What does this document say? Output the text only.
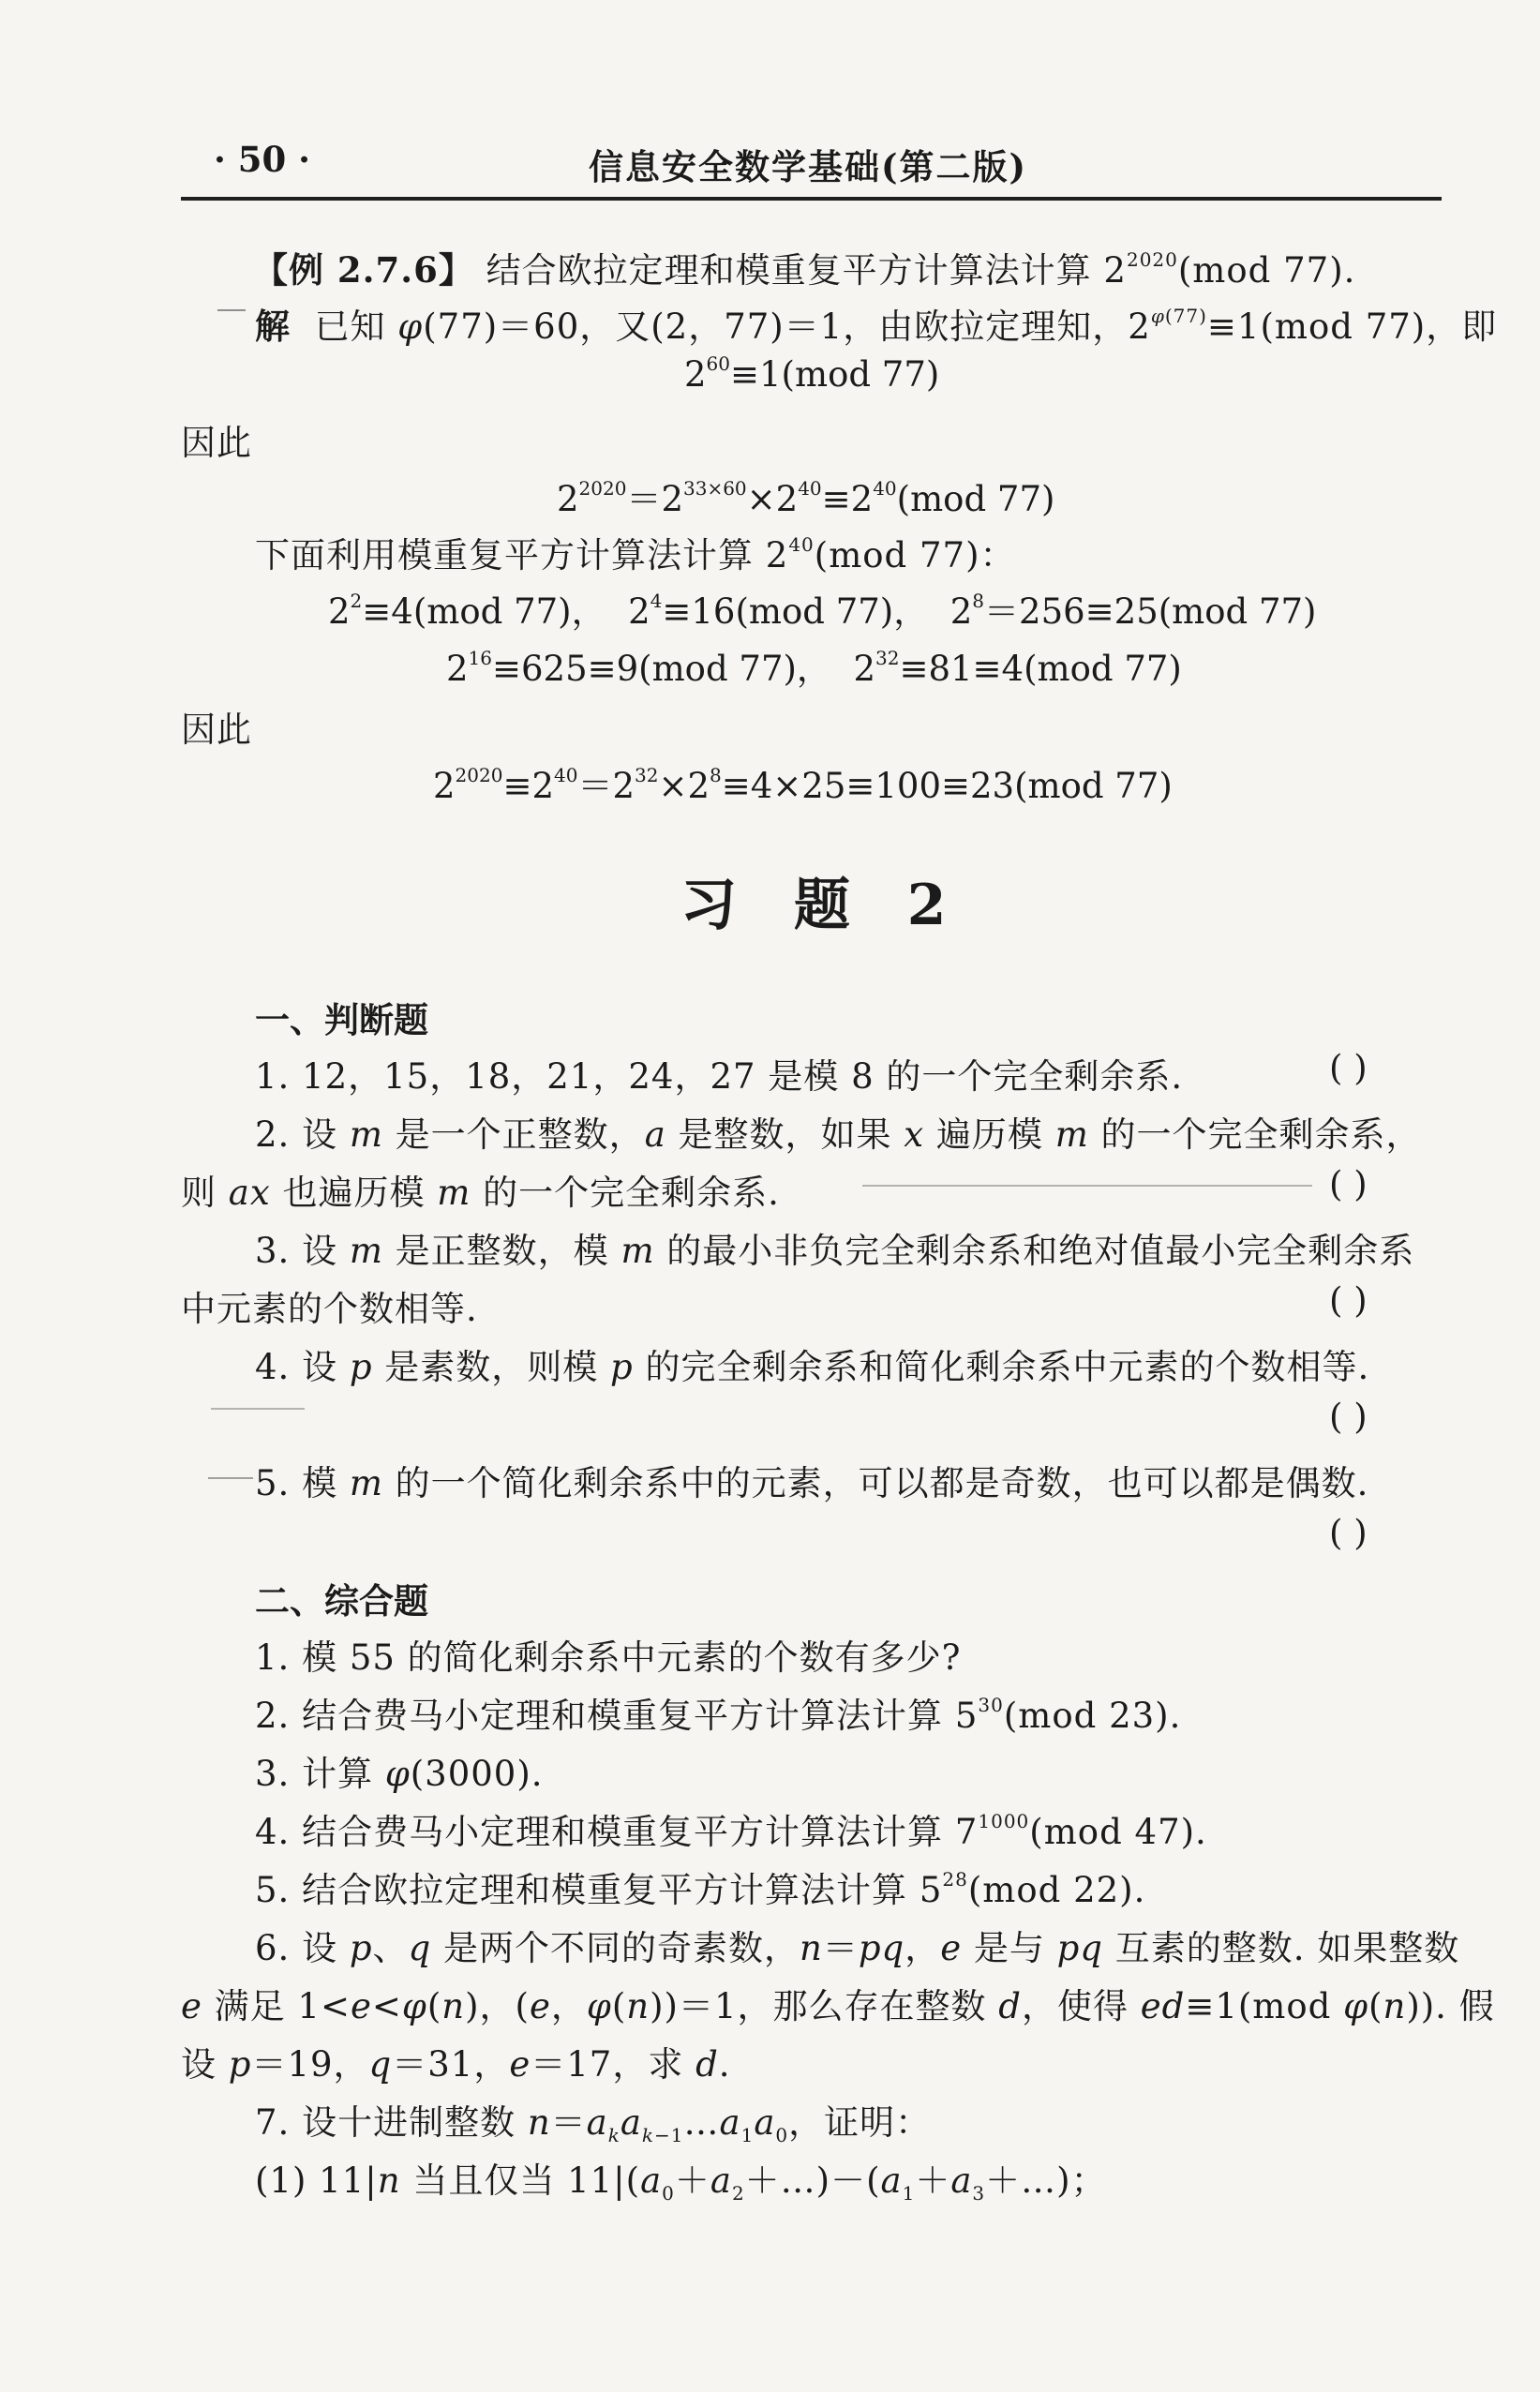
· 50 ·	信息安全数学基础(第二版)
【例 2.7.6】 结合欧拉定理和模重复平方计算法计算 $2^{2020}(mod$ 77).
解  已知 φ(77)＝60，又(2，77)＝1，由欧拉定理知，$2^{\varphi(77)}\equiv 1(mod$ 77)，即
$2^{60}\equiv 1(mod$ 77)
因此
$2^{2020}=2^{33\times 60}\times 2^{40}\equiv 2^{40}(mod$ 77)
下面利用模重复平方计算法计算 $2^{40}(mod$ 77)：
$2^2\equiv 4(mod$ 77)，  $2^4\equiv 16(mod$ 77)，  $2^8=256\equiv 25(mod$ 77)
$2^{16}\equiv 625\equiv 9(mod$ 77)，  $2^{32}\equiv 81\equiv 4(mod$ 77)
因此
$2^{2020}\equiv 2^{40}=2^{32}\times 2^8\equiv 4\times 25\equiv 100\equiv 23(mod$ 77)
习 题 2
一、判断题
1. 12，15，18，21，24，27 是模 8 的一个完全剩余系.	( )
2. 设 m 是一个正整数，a 是整数，如果 x 遍历模 m 的一个完全剩余系，
则 ax 也遍历模 m 的一个完全剩余系.	( )
3. 设 m 是正整数，模 m 的最小非负完全剩余系和绝对值最小完全剩余系
中元素的个数相等.	( )
4. 设 p 是素数，则模 p 的完全剩余系和简化剩余系中元素的个数相等.
( )
5. 模 m 的一个简化剩余系中的元素，可以都是奇数，也可以都是偶数.
( )
二、综合题
1. 模 55 的简化剩余系中元素的个数有多少?
2. 结合费马小定理和模重复平方计算法计算 $5^{30}(mod$ 23).
3. 计算 φ(3000).
4. 结合费马小定理和模重复平方计算法计算 $7^{1000}(mod$ 47).
5. 结合欧拉定理和模重复平方计算法计算 $5^{28}(mod$ 22).
6. 设 p、q 是两个不同的奇素数，n＝pq，e 是与 pq 互素的整数. 如果整数
e 满足 1<e<φ(n)，(e，φ(n))＝1，那么存在整数 d，使得 ed≡1(mod φ(n)). 假
设 p＝19，q＝31，e＝17，求 d.
7. 设十进制整数 $n=a_ka_{k-1}\dots a_1a_0$，证明：
(1) 11|n 当且仅当 $11|(a_0+a_2+\dots)-(a_1+a_3+\dots)$；
